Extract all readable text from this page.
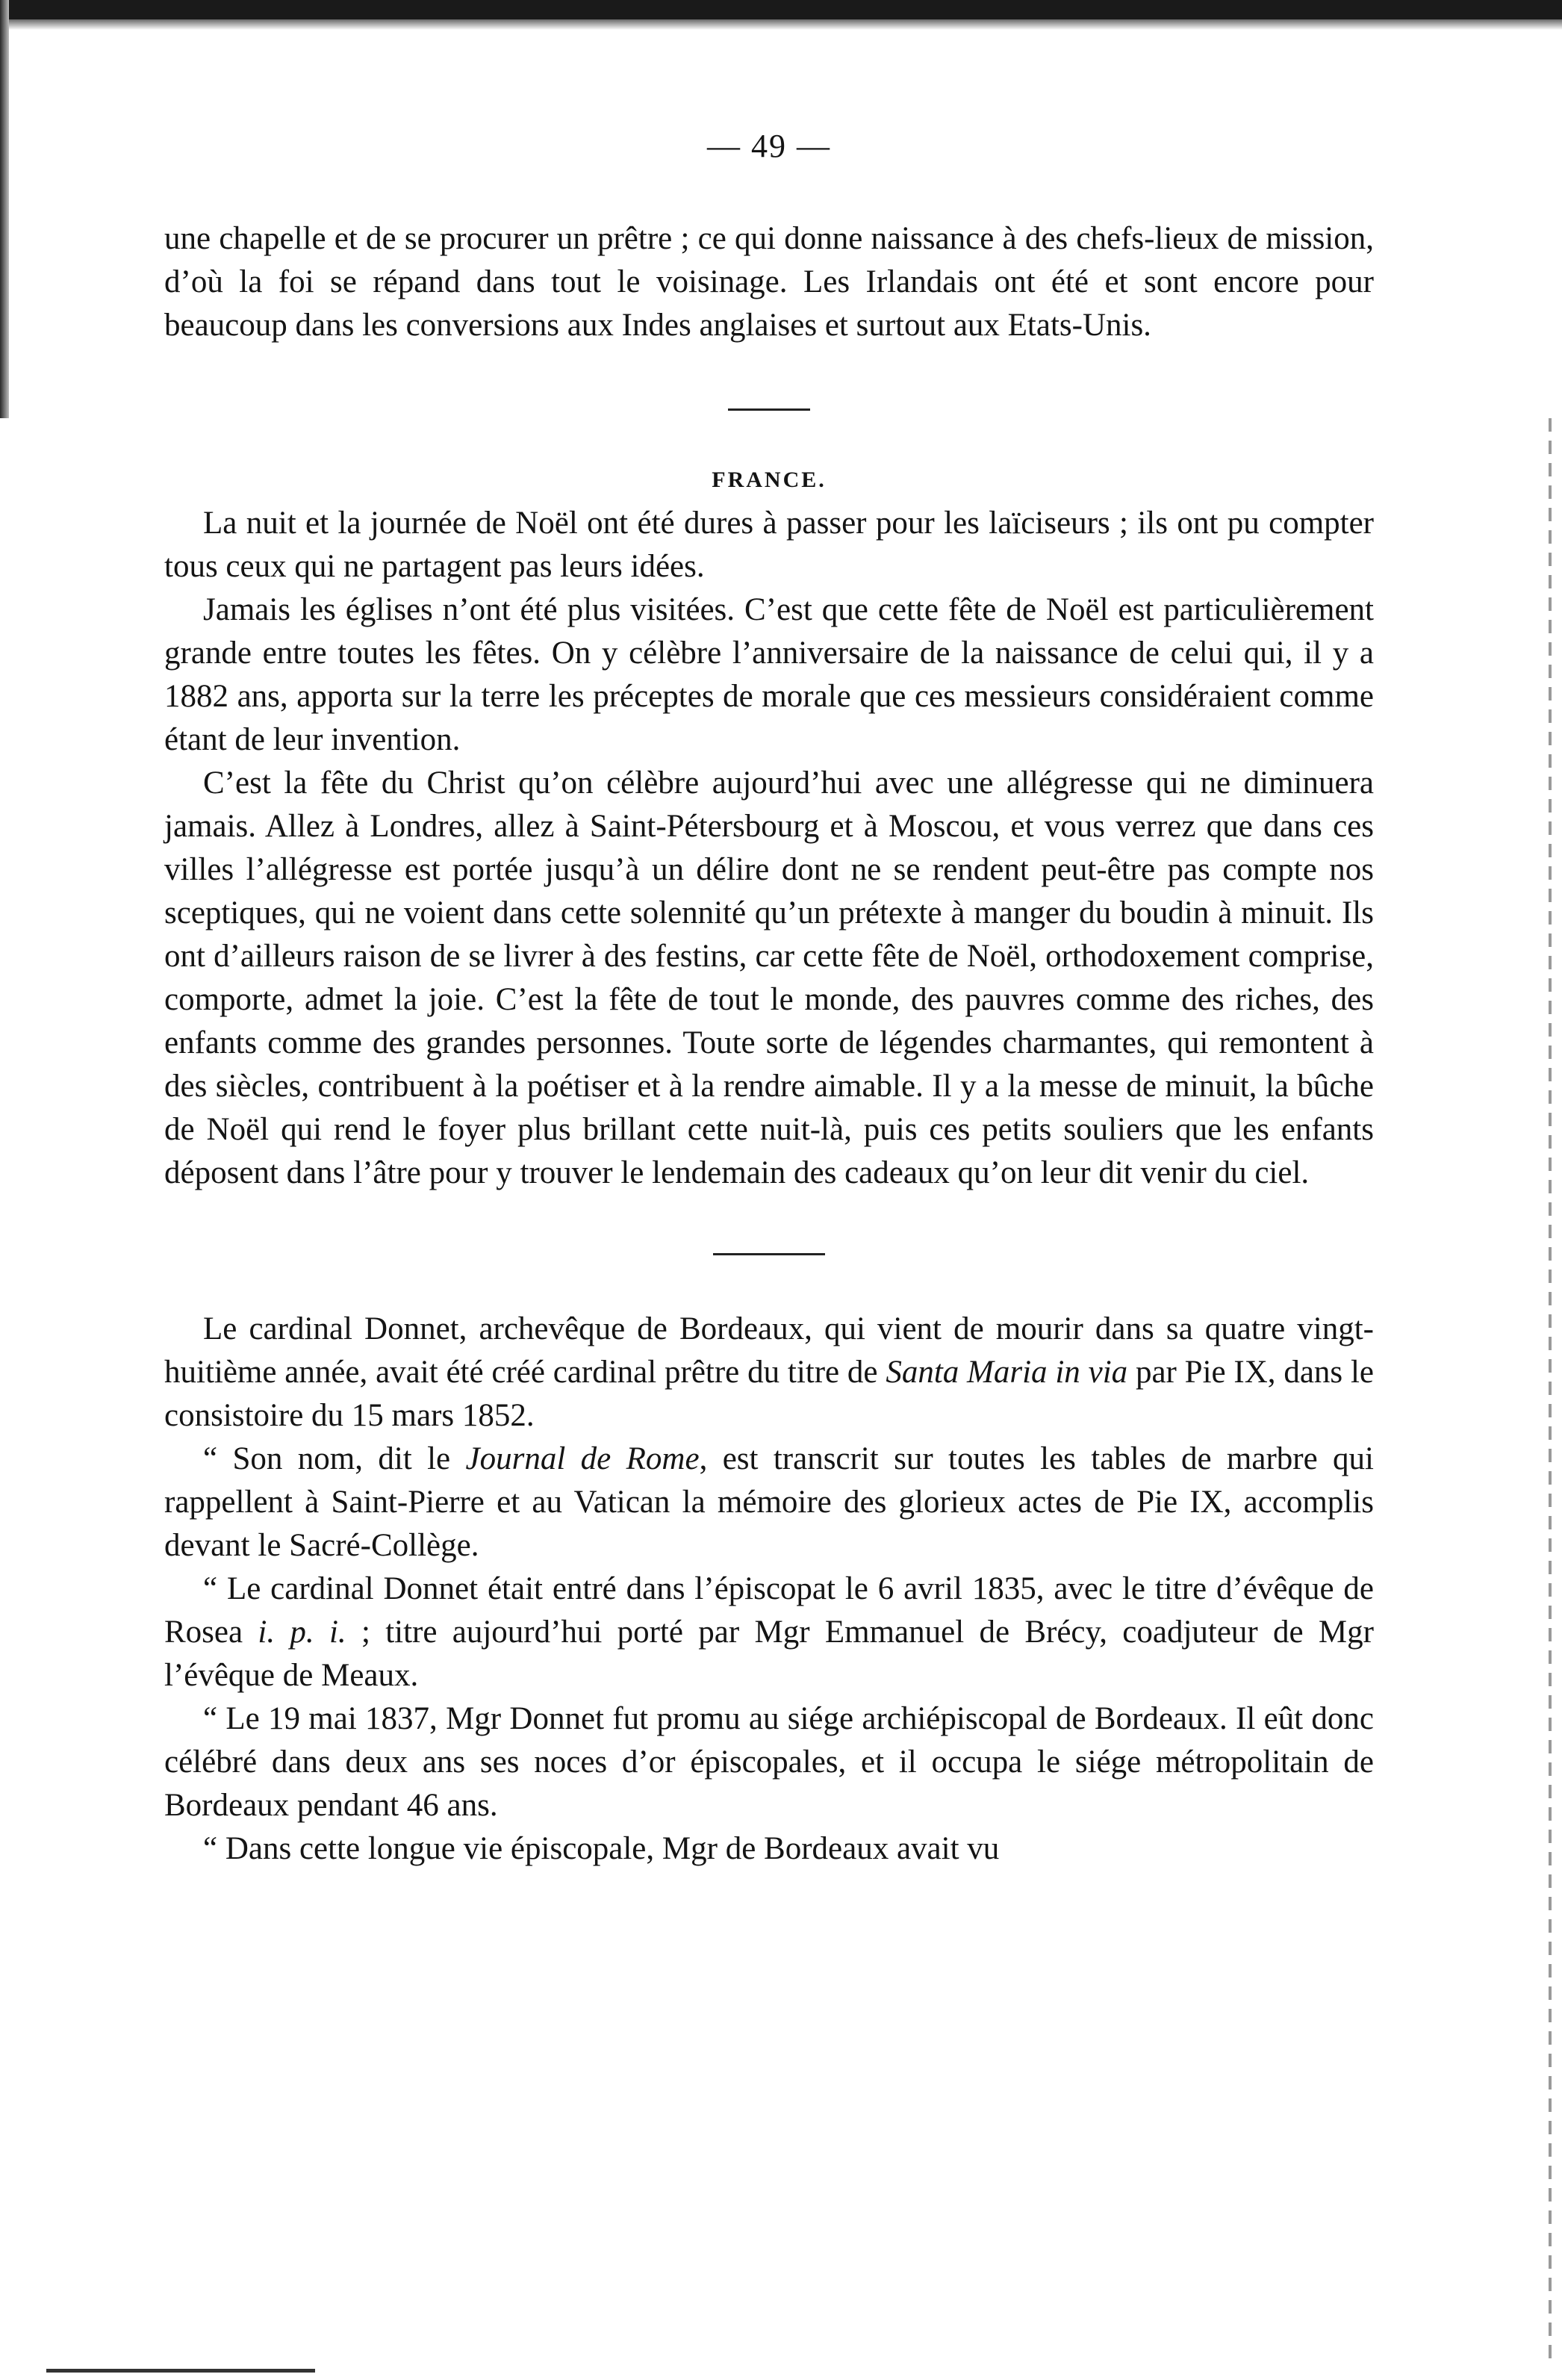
— 49 —

une chapelle et de se procurer un prêtre ; ce qui donne naissance à des chefs-lieux de mission, d’où la foi se répand dans tout le voisinage. Les Irlandais ont été et sont encore pour beaucoup dans les conversions aux Indes anglaises et surtout aux Etats-Unis.

FRANCE.

La nuit et la journée de Noël ont été dures à passer pour les laïciseurs ; ils ont pu compter tous ceux qui ne partagent pas leurs idées.

Jamais les églises n’ont été plus visitées. C’est que cette fête de Noël est particulièrement grande entre toutes les fêtes. On y célèbre l’anniversaire de la naissance de celui qui, il y a 1882 ans, apporta sur la terre les préceptes de morale que ces messieurs considéraient comme étant de leur invention.

C’est la fête du Christ qu’on célèbre aujourd’hui avec une allégresse qui ne diminuera jamais. Allez à Londres, allez à Saint-Pétersbourg et à Moscou, et vous verrez que dans ces villes l’allégresse est portée jusqu’à un délire dont ne se rendent peut-être pas compte nos sceptiques, qui ne voient dans cette solennité qu’un prétexte à manger du boudin à minuit. Ils ont d’ailleurs raison de se livrer à des festins, car cette fête de Noël, orthodoxement comprise, comporte, admet la joie. C’est la fête de tout le monde, des pauvres comme des riches, des enfants comme des grandes personnes. Toute sorte de légendes charmantes, qui remontent à des siècles, contribuent à la poétiser et à la rendre aimable. Il y a la messe de minuit, la bûche de Noël qui rend le foyer plus brillant cette nuit-là, puis ces petits souliers que les enfants déposent dans l’âtre pour y trouver le lendemain des cadeaux qu’on leur dit venir du ciel.

Le cardinal Donnet, archevêque de Bordeaux, qui vient de mourir dans sa quatre vingt-huitième année, avait été créé cardinal prêtre du titre de Santa Maria in via par Pie IX, dans le consistoire du 15 mars 1852.

“ Son nom, dit le Journal de Rome, est transcrit sur toutes les tables de marbre qui rappellent à Saint-Pierre et au Vatican la mémoire des glorieux actes de Pie IX, accomplis devant le Sacré-Collège.

“ Le cardinal Donnet était entré dans l’épiscopat le 6 avril 1835, avec le titre d’évêque de Rosea i. p. i. ; titre aujourd’hui porté par Mgr Emmanuel de Brécy, coadjuteur de Mgr l’évêque de Meaux.

“ Le 19 mai 1837, Mgr Donnet fut promu au siége archiépiscopal de Bordeaux. Il eût donc célébré dans deux ans ses noces d’or épiscopales, et il occupa le siége métropolitain de Bordeaux pendant 46 ans.

“ Dans cette longue vie épiscopale, Mgr de Bordeaux avait vu
